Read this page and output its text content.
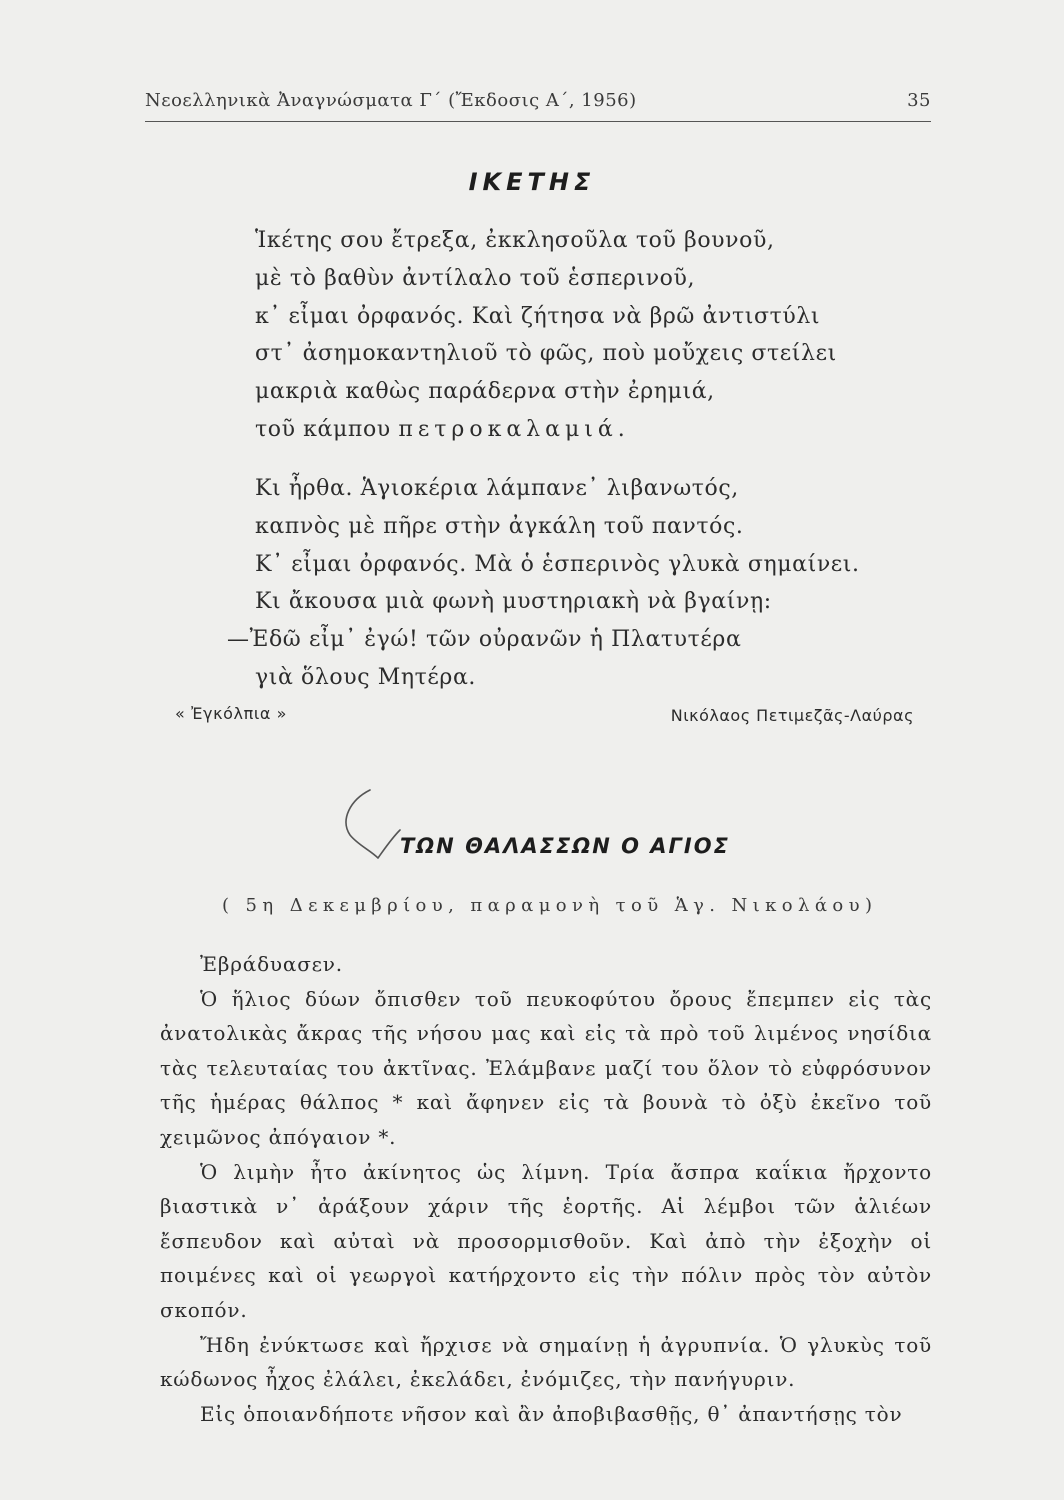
Νεοελληνικὰ Ἀναγνώσματα Γ΄ (Ἔκδοσις Α΄, 1956)	35
ΙΚΕΤΗΣ
Ἱκέτης σου ἔτρεξα, ἐκκλησοῦλα τοῦ βουνοῦ,
μὲ τὸ βαθὺν ἀντίλαλο τοῦ ἑσπερινοῦ,
κ᾿ εἶμαι ὀρφανός. Καὶ ζήτησα νὰ βρῶ ἀντιστύλι
στ᾿ ἀσημοκαντηλιοῦ τὸ φῶς, ποὺ μοὔχεις στείλει
μακριὰ καθὼς παράδερνα στὴν ἐρημιά,
τοῦ κάμπου πετροκαλαμιά.
Κι ἦρθα. Ἁγιοκέρια λάμπανε᾿ λιβανωτός,
καπνὸς μὲ πῆρε στὴν ἀγκάλη τοῦ παντός.
Κ᾿ εἶμαι ὀρφανός. Μὰ ὁ ἑσπερινὸς γλυκὰ σημαίνει.
Κι ἄκουσα μιὰ φωνὴ μυστηριακὴ νὰ βγαίνῃ:
—Ἐδῶ εἶμ᾿ ἐγώ! τῶν οὐρανῶν ἡ Πλατυτέρα
γιὰ ὅλους Μητέρα.
« Ἐγκόλπια »	Νικόλαος Πετιμεζᾶς-Λαύρας
ΤΩΝ ΘΑΛΑΣΣΩΝ Ο ΑΓΙΟΣ
( 5η Δεκεμβρίου, παραμονὴ τοῦ Ἁγ. Νικολάου)

Ἐβράδυασεν.

Ὁ ἥλιος δύων ὄπισθεν τοῦ πευκοφύτου ὄρους ἔπεμπεν εἰς τὰς ἀνατολικὰς ἄκρας τῆς νήσου μας καὶ εἰς τὰ πρὸ τοῦ λιμένος νησίδια τὰς τελευταίας του ἀκτῖνας. Ἐλάμβανε μαζί του ὅλον τὸ εὐφρόσυνον τῆς ἡμέρας θάλπος * καὶ ἄφηνεν εἰς τὰ βουνὰ τὸ ὀξὺ ἐκεῖνο τοῦ χειμῶνος ἀπόγαιον *.

Ὁ λιμὴν ἦτο ἀκίνητος ὡς λίμνη. Τρία ἄσπρα καΐκια ἤρχοντο βιαστικὰ ν᾿ ἀράξουν χάριν τῆς ἑορτῆς. Αἱ λέμβοι τῶν ἁλιέων ἔσπευδον καὶ αὐταὶ νὰ προσορμισθοῦν. Καὶ ἀπὸ τὴν ἐξοχὴν οἱ ποιμένες καὶ οἱ γεωργοὶ κατήρχοντο εἰς τὴν πόλιν πρὸς τὸν αὐτὸν σκοπόν.

Ἤδη ἐνύκτωσε καὶ ἤρχισε νὰ σημαίνῃ ἡ ἀγρυπνία. Ὁ γλυκὺς τοῦ κώδωνος ἦχος ἐλάλει, ἐκελάδει, ἐνόμιζες, τὴν πανήγυριν.

Εἰς ὁποιανδήποτε νῆσον καὶ ἂν ἀποβιβασθῇς, θ᾿ ἀπαντήσῃς τὸν
